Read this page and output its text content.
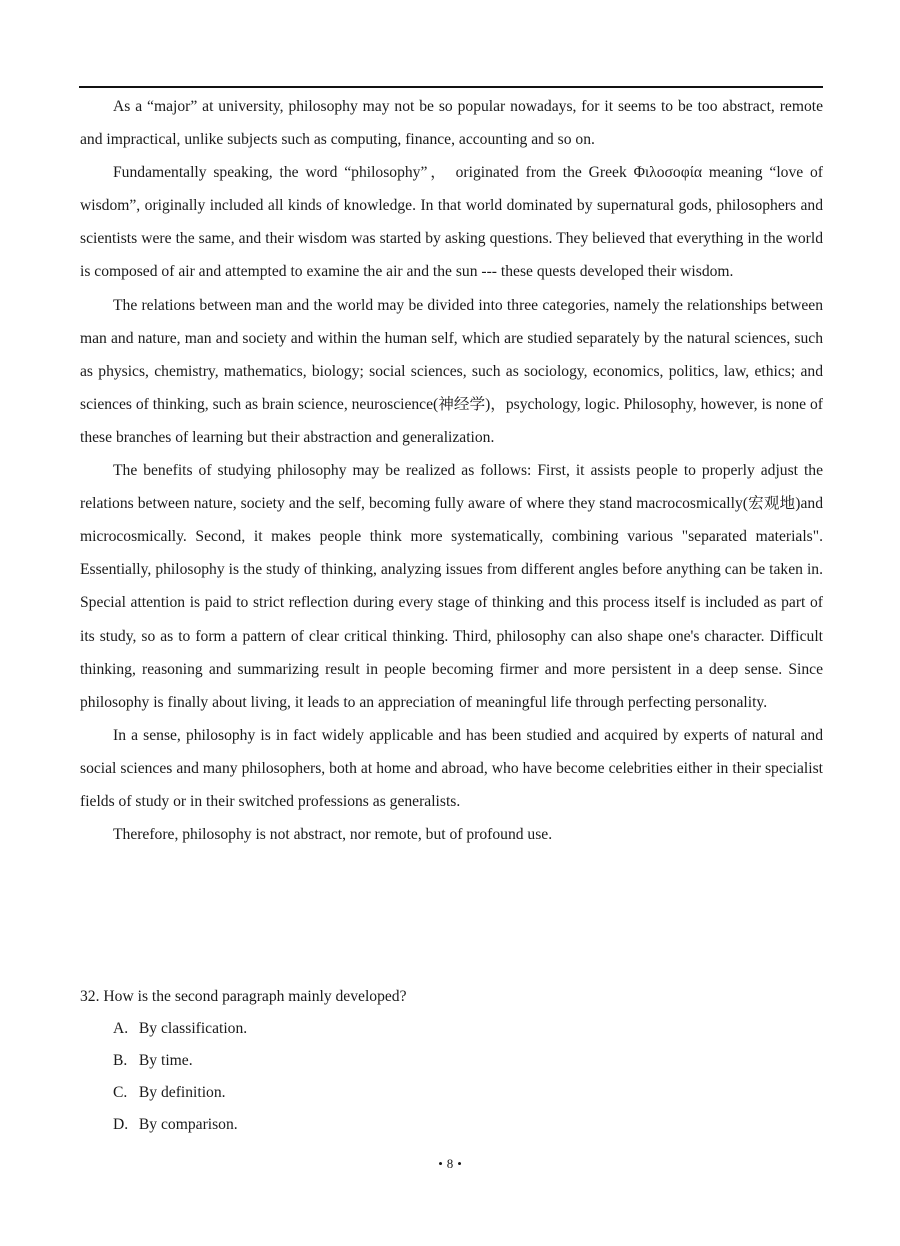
As a “major” at university, philosophy may not be so popular nowadays, for it seems to be too abstract, remote and impractical, unlike subjects such as computing, finance, accounting and so on.

Fundamentally speaking, the word “philosophy”， originated from the Greek Φιλοσοφία meaning “love of wisdom”, originally included all kinds of knowledge. In that world dominated by supernatural gods, philosophers and scientists were the same, and their wisdom was started by asking questions. They believed that everything in the world is composed of air and attempted to examine the air and the sun --- these quests developed their wisdom.

The relations between man and the world may be divided into three categories, namely the relationships between man and nature, man and society and within the human self, which are studied separately by the natural sciences, such as physics, chemistry, mathematics, biology; social sciences, such as sociology, economics, politics, law, ethics; and sciences of thinking, such as brain science, neuroscience(神经学)，psychology, logic. Philosophy, however, is none of these branches of learning but their abstraction and generalization.

The benefits of studying philosophy may be realized as follows: First, it assists people to properly adjust the relations between nature, society and the self, becoming fully aware of where they stand macrocosmically(宏观地)and microcosmically. Second, it makes people think more systematically, combining various "separated materials". Essentially, philosophy is the study of thinking, analyzing issues from different angles before anything can be taken in. Special attention is paid to strict reflection during every stage of thinking and this process itself is included as part of its study, so as to form a pattern of clear critical thinking. Third, philosophy can also shape one's character. Difficult thinking, reasoning and summarizing result in people becoming firmer and more persistent in a deep sense. Since philosophy is finally about living, it leads to an appreciation of meaningful life through perfecting personality.

In a sense, philosophy is in fact widely applicable and has been studied and acquired by experts of natural and social sciences and many philosophers, both at home and abroad, who have become celebrities either in their specialist fields of study or in their switched professions as generalists.

Therefore, philosophy is not abstract, nor remote, but of profound use.

32. How is the second paragraph mainly developed?

A. By classification.
B. By time.
C. By definition.
D. By comparison.
• 8 •
